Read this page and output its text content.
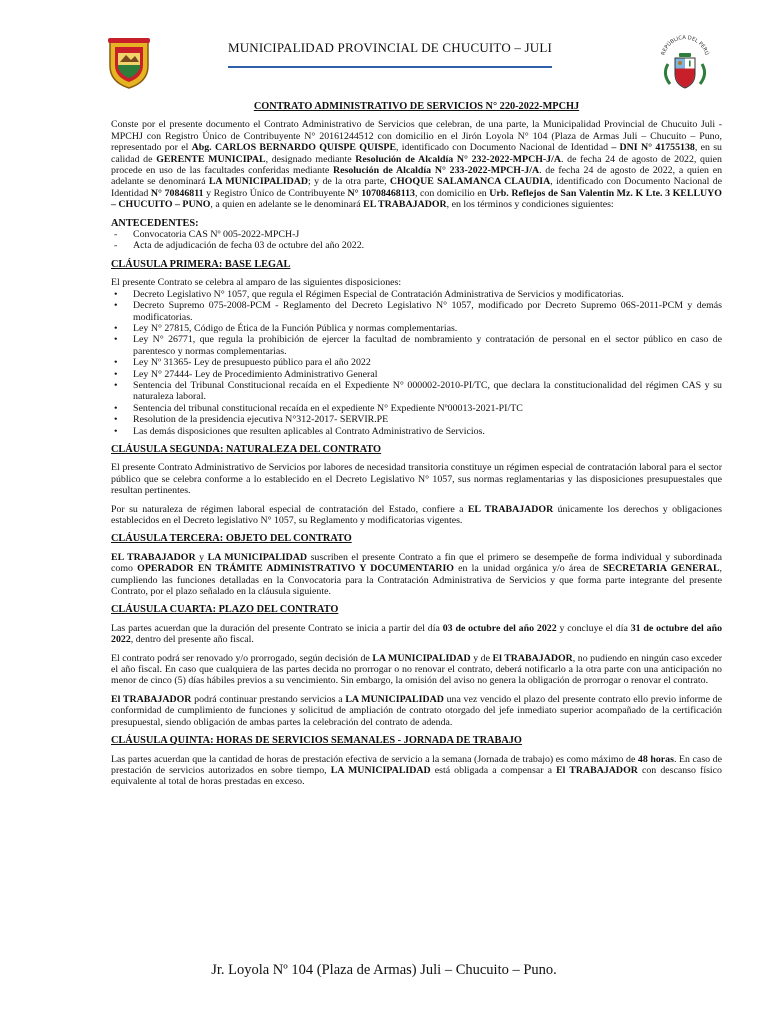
MUNICIPALIDAD PROVINCIAL DE CHUCUITO – JULI	REPÚBLICA DEL PERÚ
CONTRATO ADMINISTRATIVO DE SERVICIOS N° 220-2022-MPCHJ

Conste por el presente documento el Contrato Administrativo de Servicios que celebran, de una parte, la Municipalidad Provincial de Chucuito Juli - MPCHJ con Registro Único de Contribuyente N° 20161244512 con domicilio en el Jirón Loyola N° 104 (Plaza de Armas Juli – Chucuito – Puno, representado por el Abg. CARLOS BERNARDO QUISPE QUISPE, identificado con Documento Nacional de Identidad – DNI N° 41755138, en su calidad de GERENTE MUNICIPAL, designado mediante Resolución de Alcaldía N° 232-2022-MPCH-J/A. de fecha 24 de agosto de 2022, quien procede en uso de las facultades conferidas mediante Resolución de Alcaldía N° 233-2022-MPCH-J/A. de fecha 24 de agosto de 2022, a quien en adelante se denominará LA MUNICIPALIDAD; y de la otra parte, CHOQUE SALAMANCA CLAUDIA, identificado con Documento Nacional de Identidad N° 70846811 y Registro Único de Contribuyente N° 10708468113, con domicilio en Urb. Reflejos de San Valentin Mz. K Lte. 3 KELLUYO – CHUCUITO – PUNO, a quien en adelante se le denominará EL TRABAJADOR, en los términos y condiciones siguientes:

ANTECEDENTES:
- Convocatoria CAS Nº 005-2022-MPCH-J
- Acta de adjudicación de fecha 03 de octubre del año 2022.
CLÁUSULA PRIMERA: BASE LEGAL
El presente Contrato se celebra al amparo de las siguientes disposiciones:
• Decreto Legislativo N° 1057, que regula el Régimen Especial de Contratación Administrativa de Servicios y modificatorias.
• Decreto Supremo 075-2008-PCM - Reglamento del Decreto Legislativo N° 1057, modificado por Decreto Supremo 06S-2011-PCM y demás modificatorias.
• Ley N° 27815, Código de Ética de la Función Pública y normas complementarias.
• Ley N° 26771, que regula la prohibición de ejercer la facultad de nombramiento y contratación de personal en el sector público en caso de parentesco y normas complementarias.
• Ley Nº 31365- Ley de presupuesto público para el año 2022
• Ley N° 27444- Ley de Procedimiento Administrativo General
• Sentencia del Tribunal Constitucional recaída en el Expediente N° 000002-2010-PI/TC, que declara la constitucionalidad del régimen CAS y su naturaleza laboral.
• Sentencia del tribunal constitucional recaída en el expediente N° Expediente Nº00013-2021-PI/TC
• Resolution de la presidencia ejecutiva N°312-2017- SERVIR.PE
• Las demás disposiciones que resulten aplicables al Contrato Administrativo de Servicios.
CLÁUSULA SEGUNDA: NATURALEZA DEL CONTRATO

El presente Contrato Administrativo de Servicios por labores de necesidad transitoria constituye un régimen especial de contratación laboral para el sector público que se celebra conforme a lo establecido en el Decreto Legislativo N° 1057, sus normas reglamentarias y las disposiciones presupuestales que resultan pertinentes.

Por su naturaleza de régimen laboral especial de contratación del Estado, confiere a EL TRABAJADOR únicamente los derechos y obligaciones establecidos en el Decreto legislativo N° 1057, su Reglamento y modificatorias vigentes.

CLÁUSULA TERCERA: OBJETO DEL CONTRATO

EL TRABAJADOR y LA MUNICIPALIDAD suscriben el presente Contrato a fin que el primero se desempeñe de forma individual y subordinada como OPERADOR EN TRÁMITE ADMINISTRATIVO Y DOCUMENTARIO en la unidad orgánica y/o área de SECRETARIA GENERAL, cumpliendo las funciones detalladas en la Convocatoria para la Contratación Administrativa de Servicios y que forma parte integrante del presente Contrato, por el plazo señalado en la cláusula siguiente.

CLÁUSULA CUARTA: PLAZO DEL CONTRATO

Las partes acuerdan que la duración del presente Contrato se inicia a partir del día 03 de octubre del año 2022 y concluye el día 31 de octubre del año 2022, dentro del presente año fiscal.

El contrato podrá ser renovado y/o prorrogado, según decisión de LA MUNICIPALIDAD y de El TRABAJADOR, no pudiendo en ningún caso exceder el año fiscal. En caso que cualquiera de las partes decida no prorrogar o no renovar el contrato, deberá notificarlo a la otra parte con una anticipación no menor de cinco (5) días hábiles previos a su vencimiento. Sin embargo, la omisión del aviso no genera la obligación de prorrogar o renovar el contrato.

El TRABAJADOR podrá continuar prestando servicios a LA MUNICIPALIDAD una vez vencido el plazo del presente contrato ello previo informe de conformidad de cumplimiento de funciones y solicitud de ampliación de contrato otorgado del jefe inmediato superior acompañado de la certificación presupuestal, siendo obligación de ambas partes la celebración del contrato de adenda.

CLÁUSULA QUINTA: HORAS DE SERVICIOS SEMANALES - JORNADA DE TRABAJO

Las partes acuerdan que la cantidad de horas de prestación efectiva de servicio a la semana (Jornada de trabajo) es como máximo de 48 horas. En caso de prestación de servicios autorizados en sobre tiempo, LA MUNICIPALIDAD está obligada a compensar a El TRABAJADOR con descanso físico equivalente al total de horas prestadas en exceso.

Jr. Loyola Nº 104 (Plaza de Armas) Juli – Chucuito – Puno.
